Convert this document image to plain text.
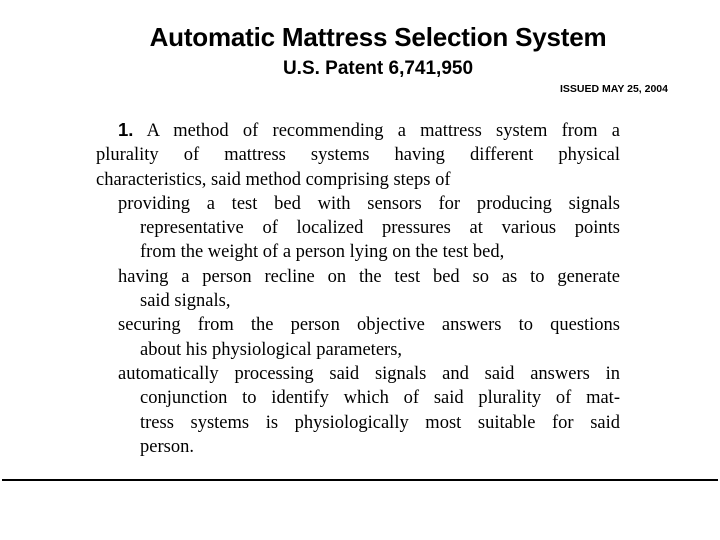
Automatic Mattress Selection System
U.S. Patent 6,741,950
ISSUED MAY 25, 2004
1. A method of recommending a mattress system from a
plurality of mattress systems having different physical
characteristics, said method comprising steps of
providing a test bed with sensors for producing signals
representative of localized pressures at various points
from the weight of a person lying on the test bed,
having a person recline on the test bed so as to generate
said signals,
securing from the person objective answers to questions
about his physiological parameters,
automatically processing said signals and said answers in
conjunction to identify which of said plurality of mat-
tress systems is physiologically most suitable for said
person.
